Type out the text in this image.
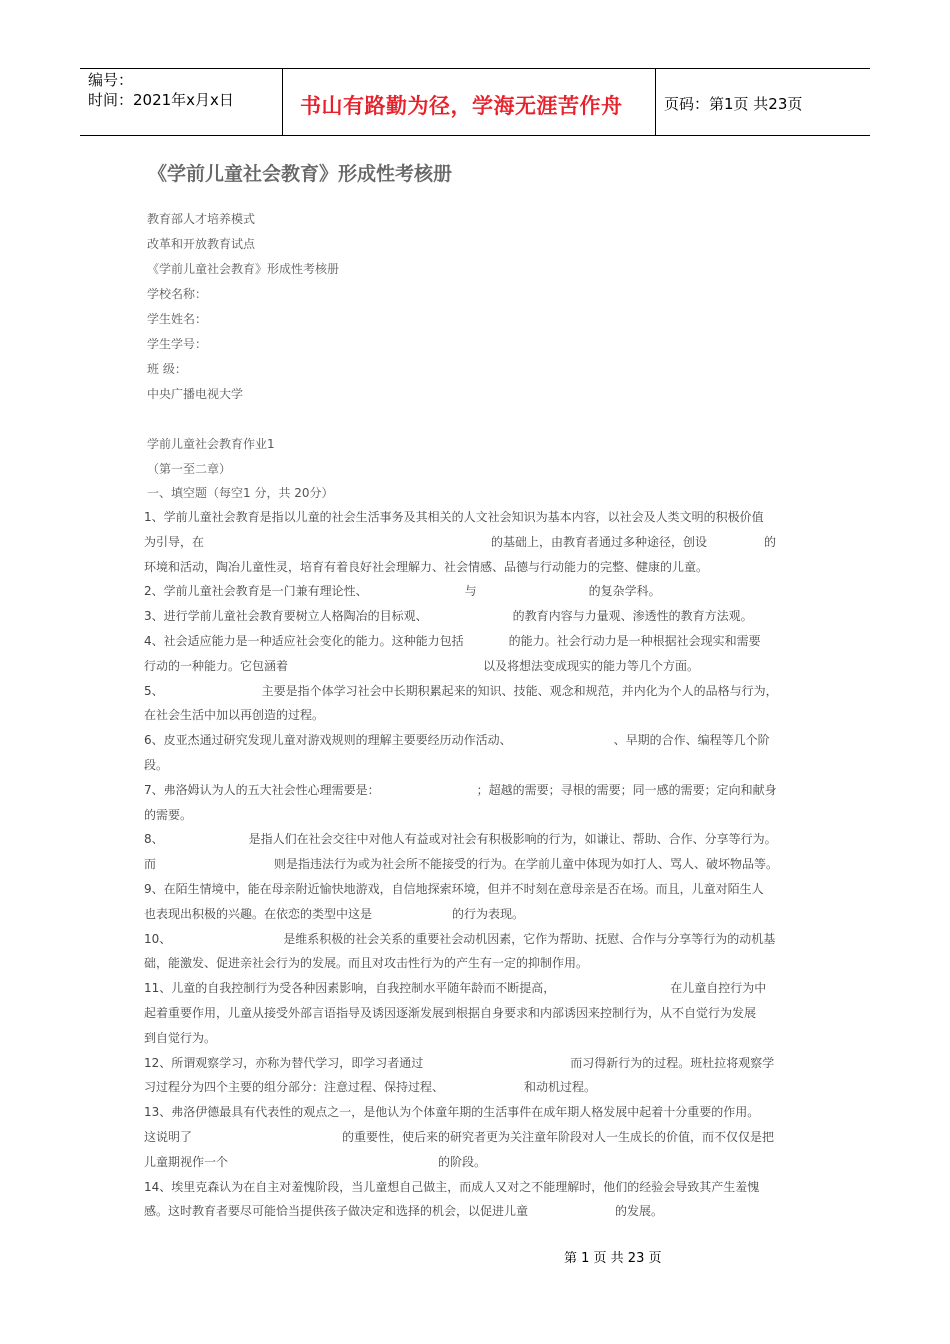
编号：
时间：2021年x月x日	书山有路勤为径，学海无涯苦作舟	页码：第1页 共23页
《学前儿童社会教育》形成性考核册
教育部人才培养模式
改革和开放教育试点
《学前儿童社会教育》形成性考核册
学校名称：
学生姓名：
学生学号：
班 级：
中央广播电视大学
学前儿童社会教育作业1
（第一至二章）
一、填空题（每空1 分，共 20分）
1、学前儿童社会教育是指以儿童的社会生活事务及其相关的人文社会知识为基本内容，以社会及人类文明的积极价值
为引导，在	的基础上，由教育者通过多种途径，创设	的
环境和活动，陶冶儿童性灵，培育有着良好社会理解力、社会情感、品德与行动能力的完整、健康的儿童。
2、学前儿童社会教育是一门兼有理论性、	与	的复杂学科。
3、进行学前儿童社会教育要树立人格陶冶的目标观、	的教育内容与力量观、渗透性的教育方法观。
4、社会适应能力是一种适应社会变化的能力。这种能力包括	的能力。社会行动力是一种根据社会现实和需要
行动的一种能力。它包涵着	以及将想法变成现实的能力等几个方面。
5、	主要是指个体学习社会中长期积累起来的知识、技能、观念和规范，并内化为个人的品格与行为，
在社会生活中加以再创造的过程。
6、皮亚杰通过研究发现儿童对游戏规则的理解主要要经历动作活动、	、早期的合作、编程等几个阶
段。
7、弗洛姆认为人的五大社会性心理需要是：	；超越的需要；寻根的需要；同一感的需要；定向和献身
的需要。
8、	是指人们在社会交往中对他人有益或对社会有积极影响的行为，如谦让、帮助、合作、分享等行为。
而	则是指违法行为或为社会所不能接受的行为。在学前儿童中体现为如打人、骂人、破坏物品等。
9、在陌生情境中，能在母亲附近愉快地游戏，自信地探索环境，但并不时刻在意母亲是否在场。而且，儿童对陌生人
也表现出积极的兴趣。在依恋的类型中这是	的行为表现。
10、	是维系积极的社会关系的重要社会动机因素，它作为帮助、抚慰、合作与分享等行为的动机基
础，能激发、促进亲社会行为的发展。而且对攻击性行为的产生有一定的抑制作用。
11、儿童的自我控制行为受各种因素影响，自我控制水平随年龄而不断提高，	在儿童自控行为中
起着重要作用，儿童从接受外部言语指导及诱因逐渐发展到根据自身要求和内部诱因来控制行为，从不自觉行为发展
到自觉行为。
12、所谓观察学习，亦称为替代学习，即学习者通过	而习得新行为的过程。班杜拉将观察学
习过程分为四个主要的组分部分：注意过程、保持过程、	和动机过程。
13、弗洛伊德最具有代表性的观点之一，是他认为个体童年期的生活事件在成年期人格发展中起着十分重要的作用。
这说明了	的重要性，使后来的研究者更为关注童年阶段对人一生成长的价值，而不仅仅是把
儿童期视作一个	的阶段。
14、埃里克森认为在自主对羞愧阶段，当儿童想自己做主，而成人又对之不能理解时，他们的经验会导致其产生羞愧
感。这时教育者要尽可能恰当提供孩子做决定和选择的机会，以促进儿童	的发展。
第 1 页 共 23 页
